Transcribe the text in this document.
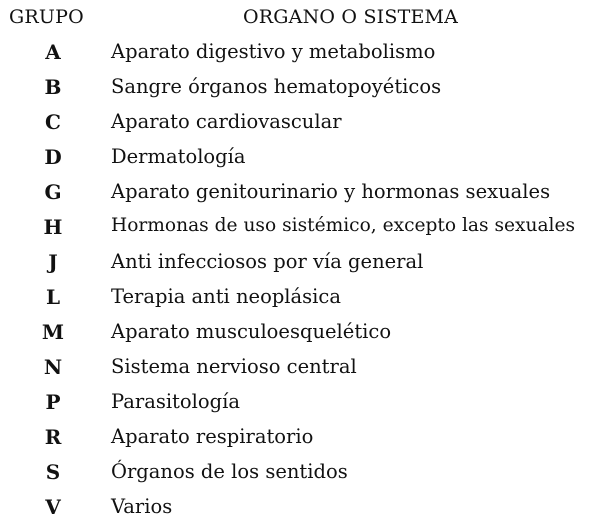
GRUPO	ORGANO O SISTEMA
A	Aparato digestivo y metabolismo
B	Sangre órganos hematopoyéticos
C	Aparato cardiovascular
D	Dermatología
G	Aparato genitourinario y hormonas sexuales
H	Hormonas de uso sistémico, excepto las sexuales
J	Anti infecciosos por vía general
L	Terapia anti neoplásica
M	Aparato musculoesquelético
N	Sistema nervioso central
P	Parasitología
R	Aparato respiratorio
S	Órganos de los sentidos
V	Varios
